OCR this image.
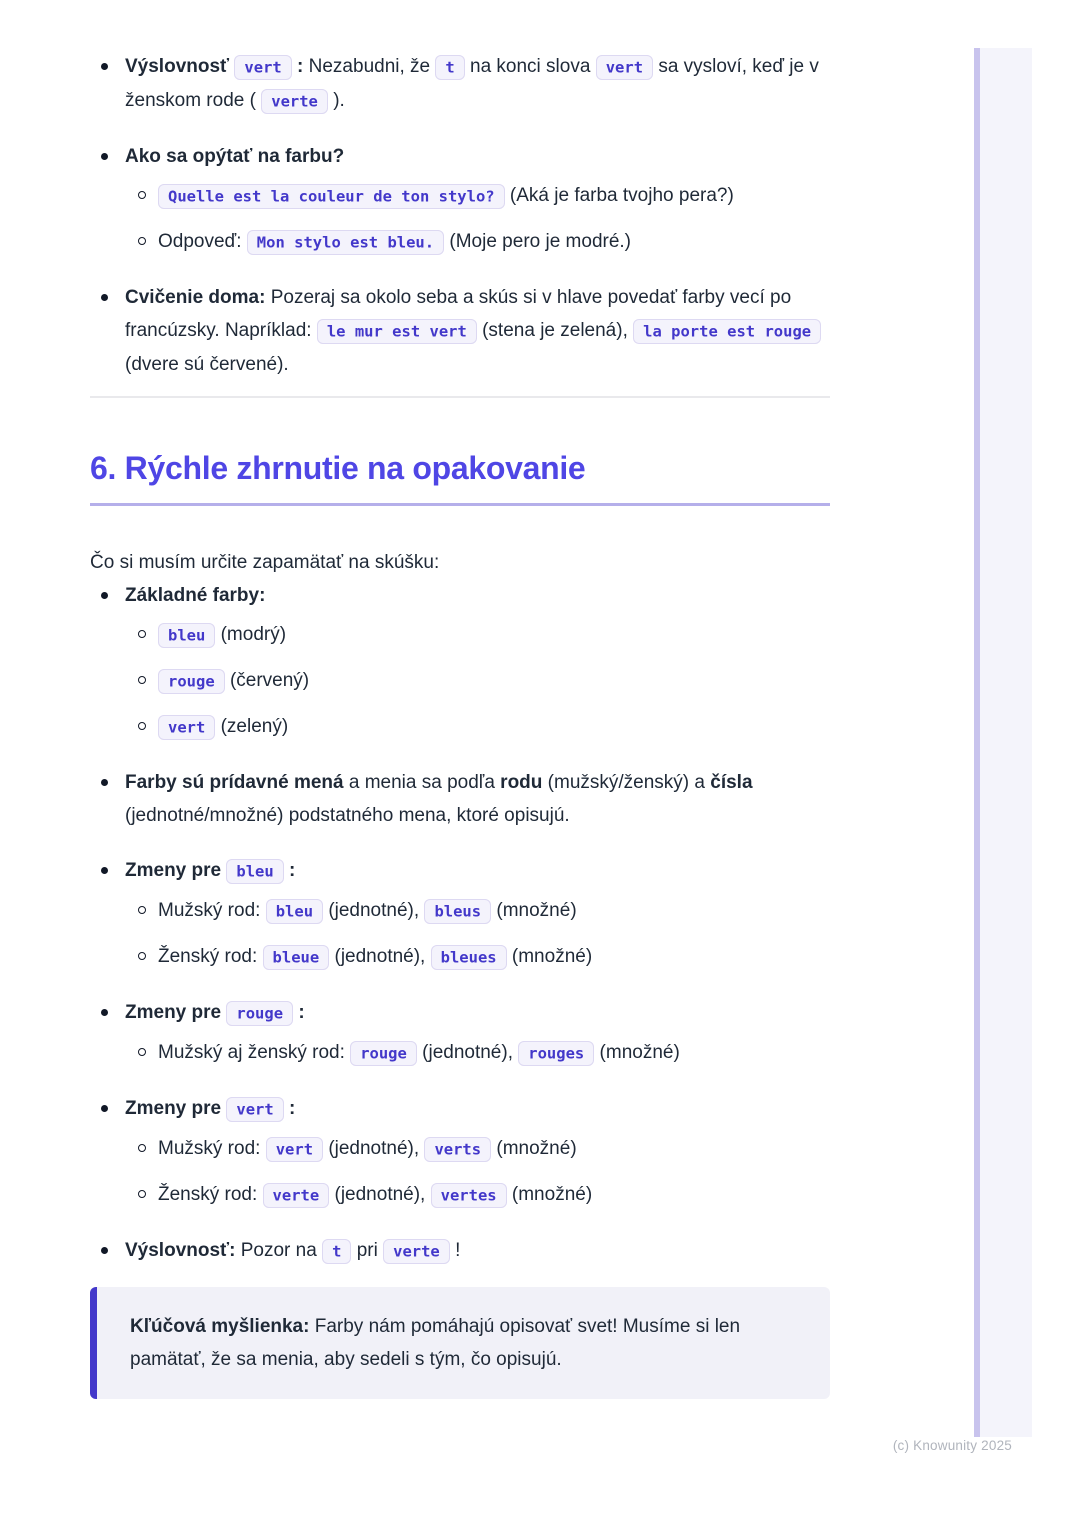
Výslovnosť vert : Nezabudni, že t na konci slova vert sa vysloví, keď je v ženskom rode ( verte ).
Ako sa opýtať na farbu?
Quelle est la couleur de ton stylo? (Aká je farba tvojho pera?)
Odpoveď: Mon stylo est bleu. (Moje pero je modré.)
Cvičenie doma: Pozeraj sa okolo seba a skús si v hlave povedať farby vecí po francúzsky. Napríklad: le mur est vert (stena je zelená), la porte est rouge (dvere sú červené).
6. Rýchle zhrnutie na opakovanie

Čo si musím určite zapamätať na skúšku:

Základné farby:
bleu (modrý)
rouge (červený)
vert (zelený)
Farby sú prídavné mená a menia sa podľa rodu (mužský/ženský) a čísla (jednotné/množné) podstatného mena, ktoré opisujú.
Zmeny pre bleu :
Mužský rod: bleu (jednotné), bleus (množné)
Ženský rod: bleue (jednotné), bleues (množné)
Zmeny pre rouge :
Mužský aj ženský rod: rouge (jednotné), rouges (množné)
Zmeny pre vert :
Mužský rod: vert (jednotné), verts (množné)
Ženský rod: verte (jednotné), vertes (množné)
Výslovnosť: Pozor na t pri verte !
Kľúčová myšlienka: Farby nám pomáhajú opisovať svet! Musíme si len pamätať, že sa menia, aby sedeli s tým, čo opisujú.
(c) Knowunity 2025
